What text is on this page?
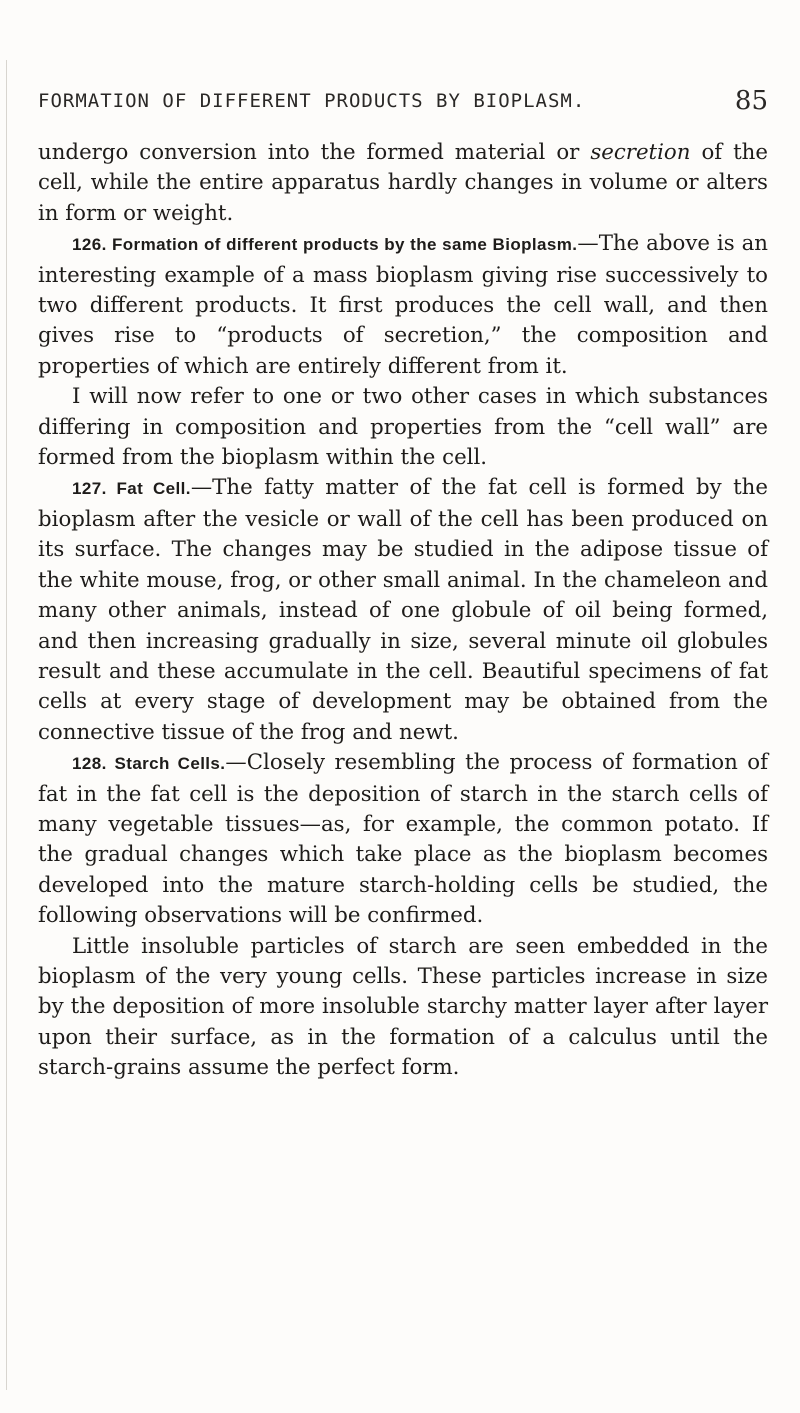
FORMATION OF DIFFERENT PRODUCTS BY BIOPLASM.	85

undergo conversion into the formed material or secretion of the cell, while the entire apparatus hardly changes in volume or alters in form or weight.

126. Formation of different products by the same Bioplasm.—The above is an interesting example of a mass bioplasm giving rise successively to two different products. It first produces the cell wall, and then gives rise to “products of secretion,” the composition and properties of which are entirely different from it.

I will now refer to one or two other cases in which substances differing in composition and properties from the “cell wall” are formed from the bioplasm within the cell.

127. Fat Cell.—The fatty matter of the fat cell is formed by the bioplasm after the vesicle or wall of the cell has been produced on its surface. The changes may be studied in the adipose tissue of the white mouse, frog, or other small animal. In the chameleon and many other animals, instead of one globule of oil being formed, and then increasing gradually in size, several minute oil globules result and these accumulate in the cell. Beautiful specimens of fat cells at every stage of development may be obtained from the connective tissue of the frog and newt.

128. Starch Cells.—Closely resembling the process of formation of fat in the fat cell is the deposition of starch in the starch cells of many vegetable tissues—as, for example, the common potato. If the gradual changes which take place as the bioplasm becomes developed into the mature starch-holding cells be studied, the following observations will be confirmed.

Little insoluble particles of starch are seen embedded in the bioplasm of the very young cells. These particles increase in size by the deposition of more insoluble starchy matter layer after layer upon their surface, as in the formation of a calculus until the starch-grains assume the perfect form.
